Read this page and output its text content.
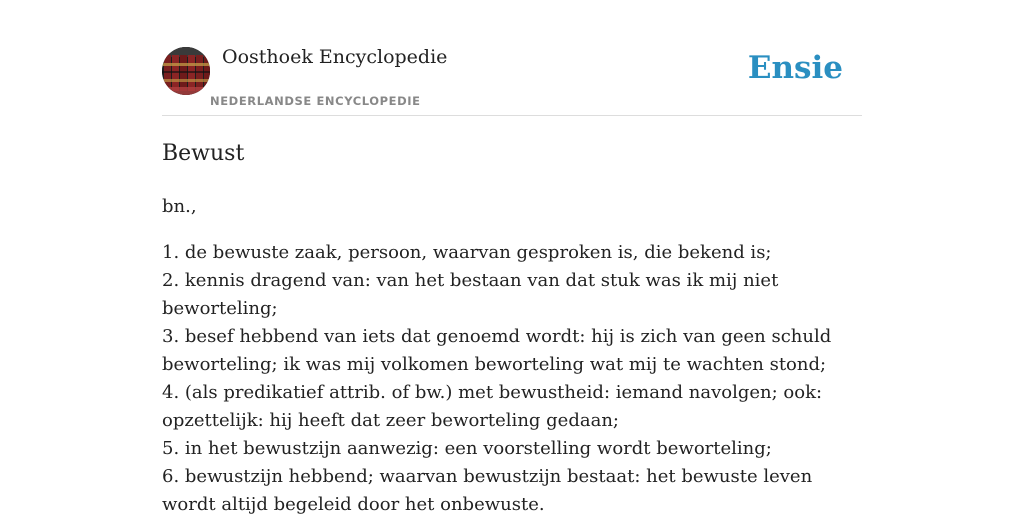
Oosthoek Encyclopedie
NEDERLANDSE ENCYCLOPEDIE
Ensie
Bewust
bn.,
1. de bewuste zaak, persoon, waarvan gesproken is, die bekend is;
2. kennis dragend van: van het bestaan van dat stuk was ik mij niet beworteling;
3. besef hebbend van iets dat genoemd wordt: hij is zich van geen schuld beworteling; ik was mij volkomen beworteling wat mij te wachten stond;
4. (als predikatief attrib. of bw.) met bewustheid: iemand navolgen; ook: opzettelijk: hij heeft dat zeer beworteling gedaan;
5. in het bewustzijn aanwezig: een voorstelling wordt beworteling;
6. bewustzijn hebbend; waarvan bewustzijn bestaat: het bewuste leven wordt altijd begeleid door het onbewuste.
